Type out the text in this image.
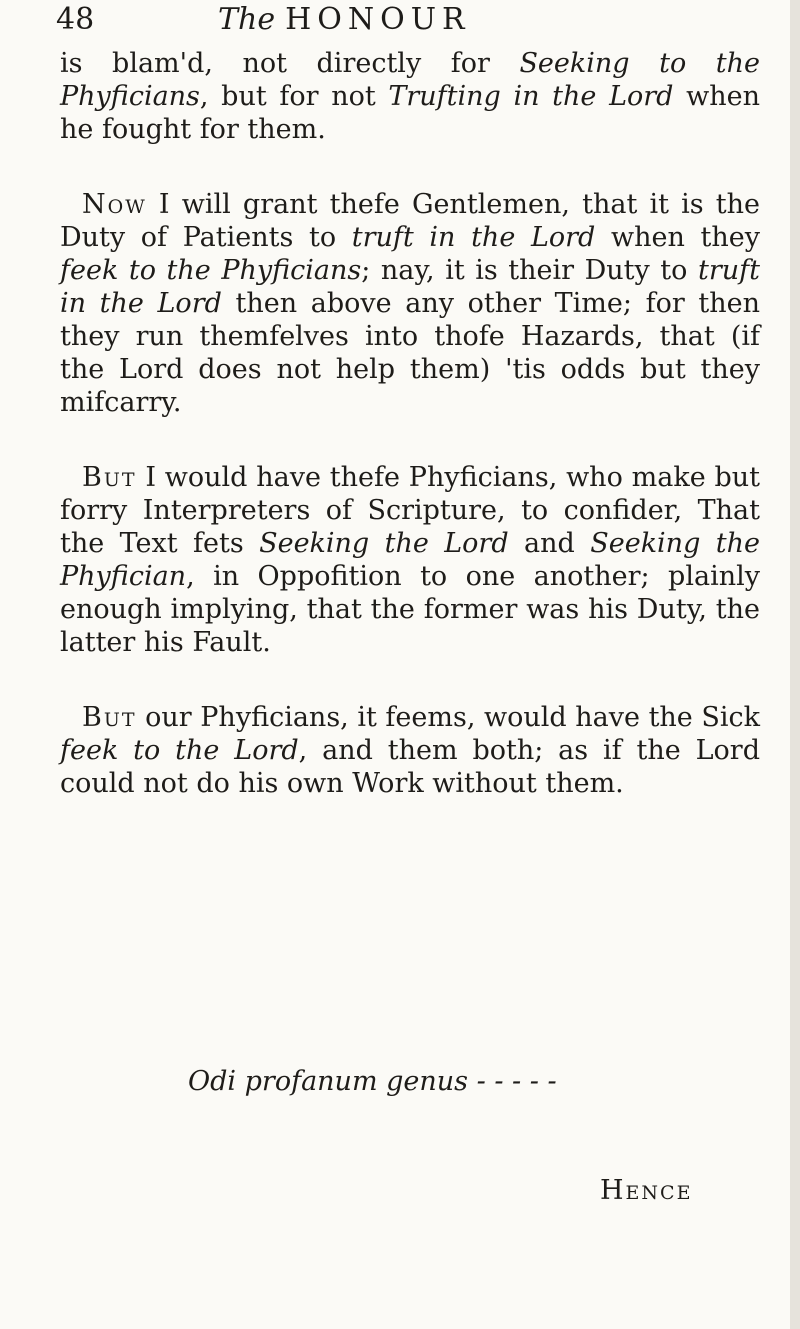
48	The HONOUR

is blam'd, not directly for Seeking to the Phyficians, but for not Trufting in the Lord when he fought for them.

Now I will grant thefe Gentlemen, that it is the Duty of Patients to truft in the Lord when they feek to the Phyficians; nay, it is their Duty to truft in the Lord then above any other Time; for then they run themfelves into thofe Hazards, that (if the Lord does not help them) 'tis odds but they mifcarry.

But I would have thefe Phyficians, who make but forry Interpreters of Scripture, to confider, That the Text fets Seeking the Lord and Seeking the Phyfician, in Oppofition to one another; plainly enough implying, that the former was his Duty, the latter his Fault.

But our Phyficians, it feems, would have the Sick feek to the Lord, and them both; as if the Lord could not do his own Work without them.

Odi profanum genus - - - - -
Hence
